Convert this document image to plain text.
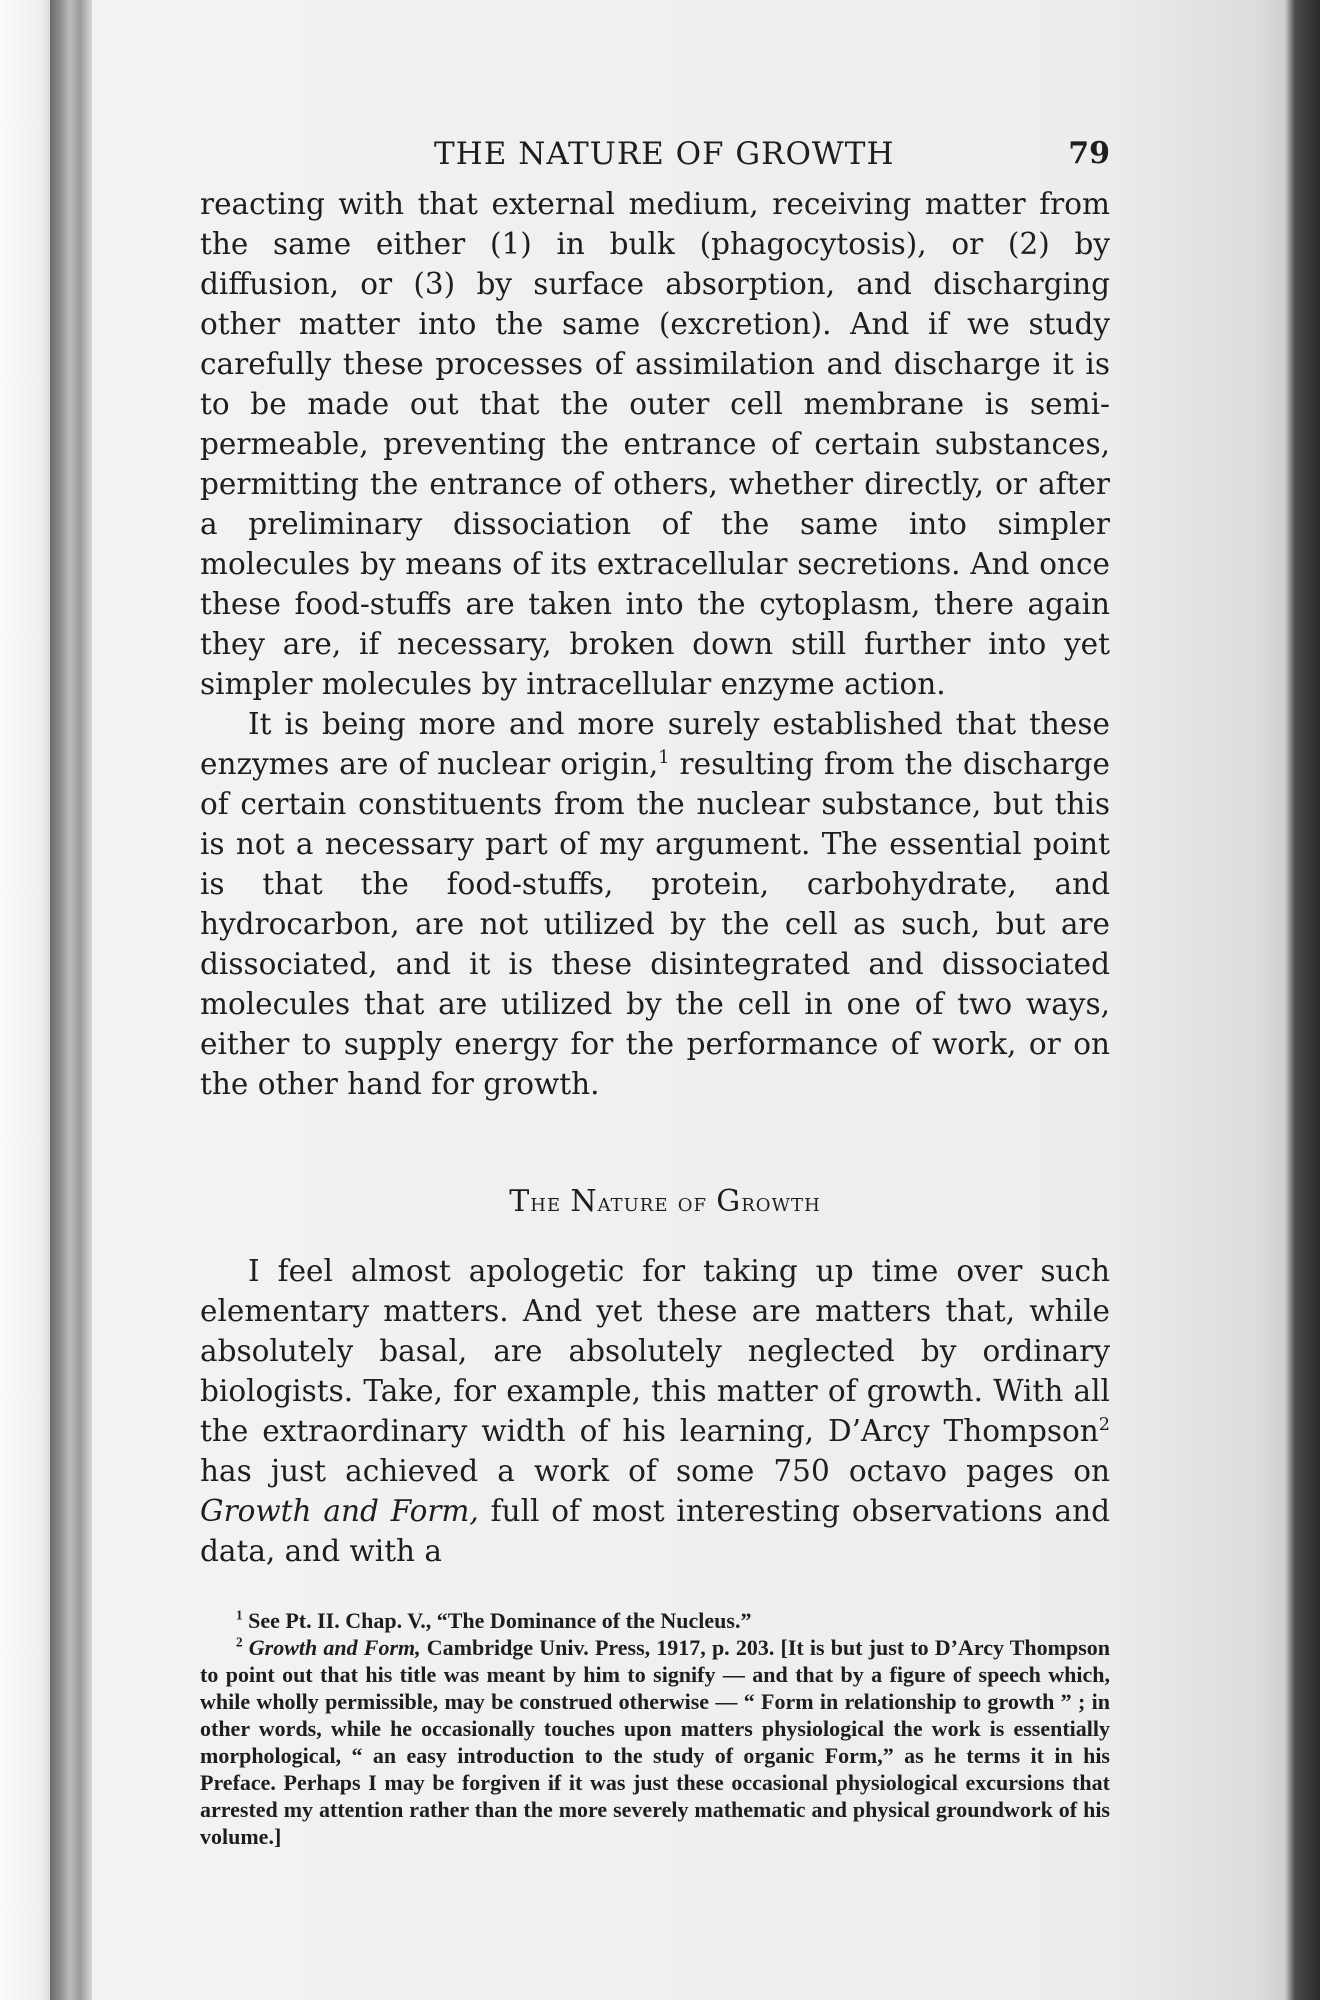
THE NATURE OF GROWTH	79

reacting with that external medium, receiving matter from the same either (1) in bulk (phagocytosis), or (2) by diffusion, or (3) by surface absorption, and discharging other matter into the same (excretion). And if we study carefully these processes of assimilation and discharge it is to be made out that the outer cell membrane is semi-permeable, preventing the entrance of certain substances, permitting the entrance of others, whether directly, or after a preliminary dissociation of the same into simpler molecules by means of its extracellular secretions. And once these food-stuffs are taken into the cytoplasm, there again they are, if necessary, broken down still further into yet simpler molecules by intracellular enzyme action.

It is being more and more surely established that these enzymes are of nuclear origin,$^1$ resulting from the discharge of certain constituents from the nuclear substance, but this is not a necessary part of my argument. The essential point is that the food-stuffs, protein, carbohydrate, and hydrocarbon, are not utilized by the cell as such, but are dissociated, and it is these disintegrated and dissociated molecules that are utilized by the cell in one of two ways, either to supply energy for the performance of work, or on the other hand for growth.

The Nature of Growth

I feel almost apologetic for taking up time over such elementary matters. And yet these are matters that, while absolutely basal, are absolutely neglected by ordinary biologists. Take, for example, this matter of growth. With all the extraordinary width of his learning, D’Arcy Thompson$^2$ has just achieved a work of some 750 octavo pages on Growth and Form, full of most interesting observations and data, and with a

$^1$ See Pt. II. Chap. V., “The Dominance of the Nucleus.”

$^2$ Growth and Form, Cambridge Univ. Press, 1917, p. 203. [It is but just to D’Arcy Thompson to point out that his title was meant by him to signify — and that by a figure of speech which, while wholly permissible, may be construed otherwise — “ Form in relationship to growth ” ; in other words, while he occasionally touches upon matters physiological the work is essentially morphological, “ an easy introduction to the study of organic Form,” as he terms it in his Preface. Perhaps I may be forgiven if it was just these occasional physiological excursions that arrested my attention rather than the more severely mathematic and physical groundwork of his volume.]
